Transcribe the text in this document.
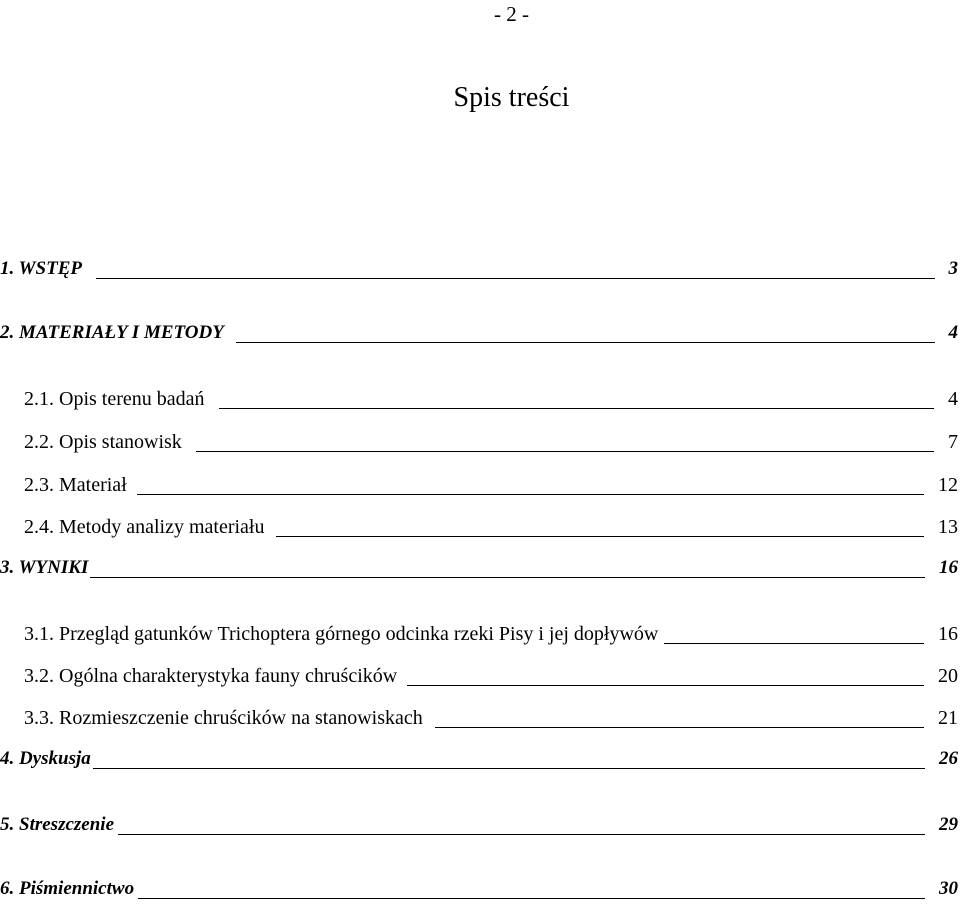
- 2 -
Spis treści
1. WSTĘP	3
2. MATERIAŁY I METODY	4
2.1. Opis terenu badań	4
2.2. Opis stanowisk	7
2.3. Materiał	12
2.4. Metody analizy materiału	13
3. WYNIKI	16
3.1. Przegląd gatunków Trichoptera górnego odcinka rzeki Pisy i jej dopływów	16
3.2. Ogólna charakterystyka fauny chruścików	20
3.3. Rozmieszczenie chruścików na stanowiskach	21
4. Dyskusja	26
5. Streszczenie	29
6. Piśmiennictwo	30
